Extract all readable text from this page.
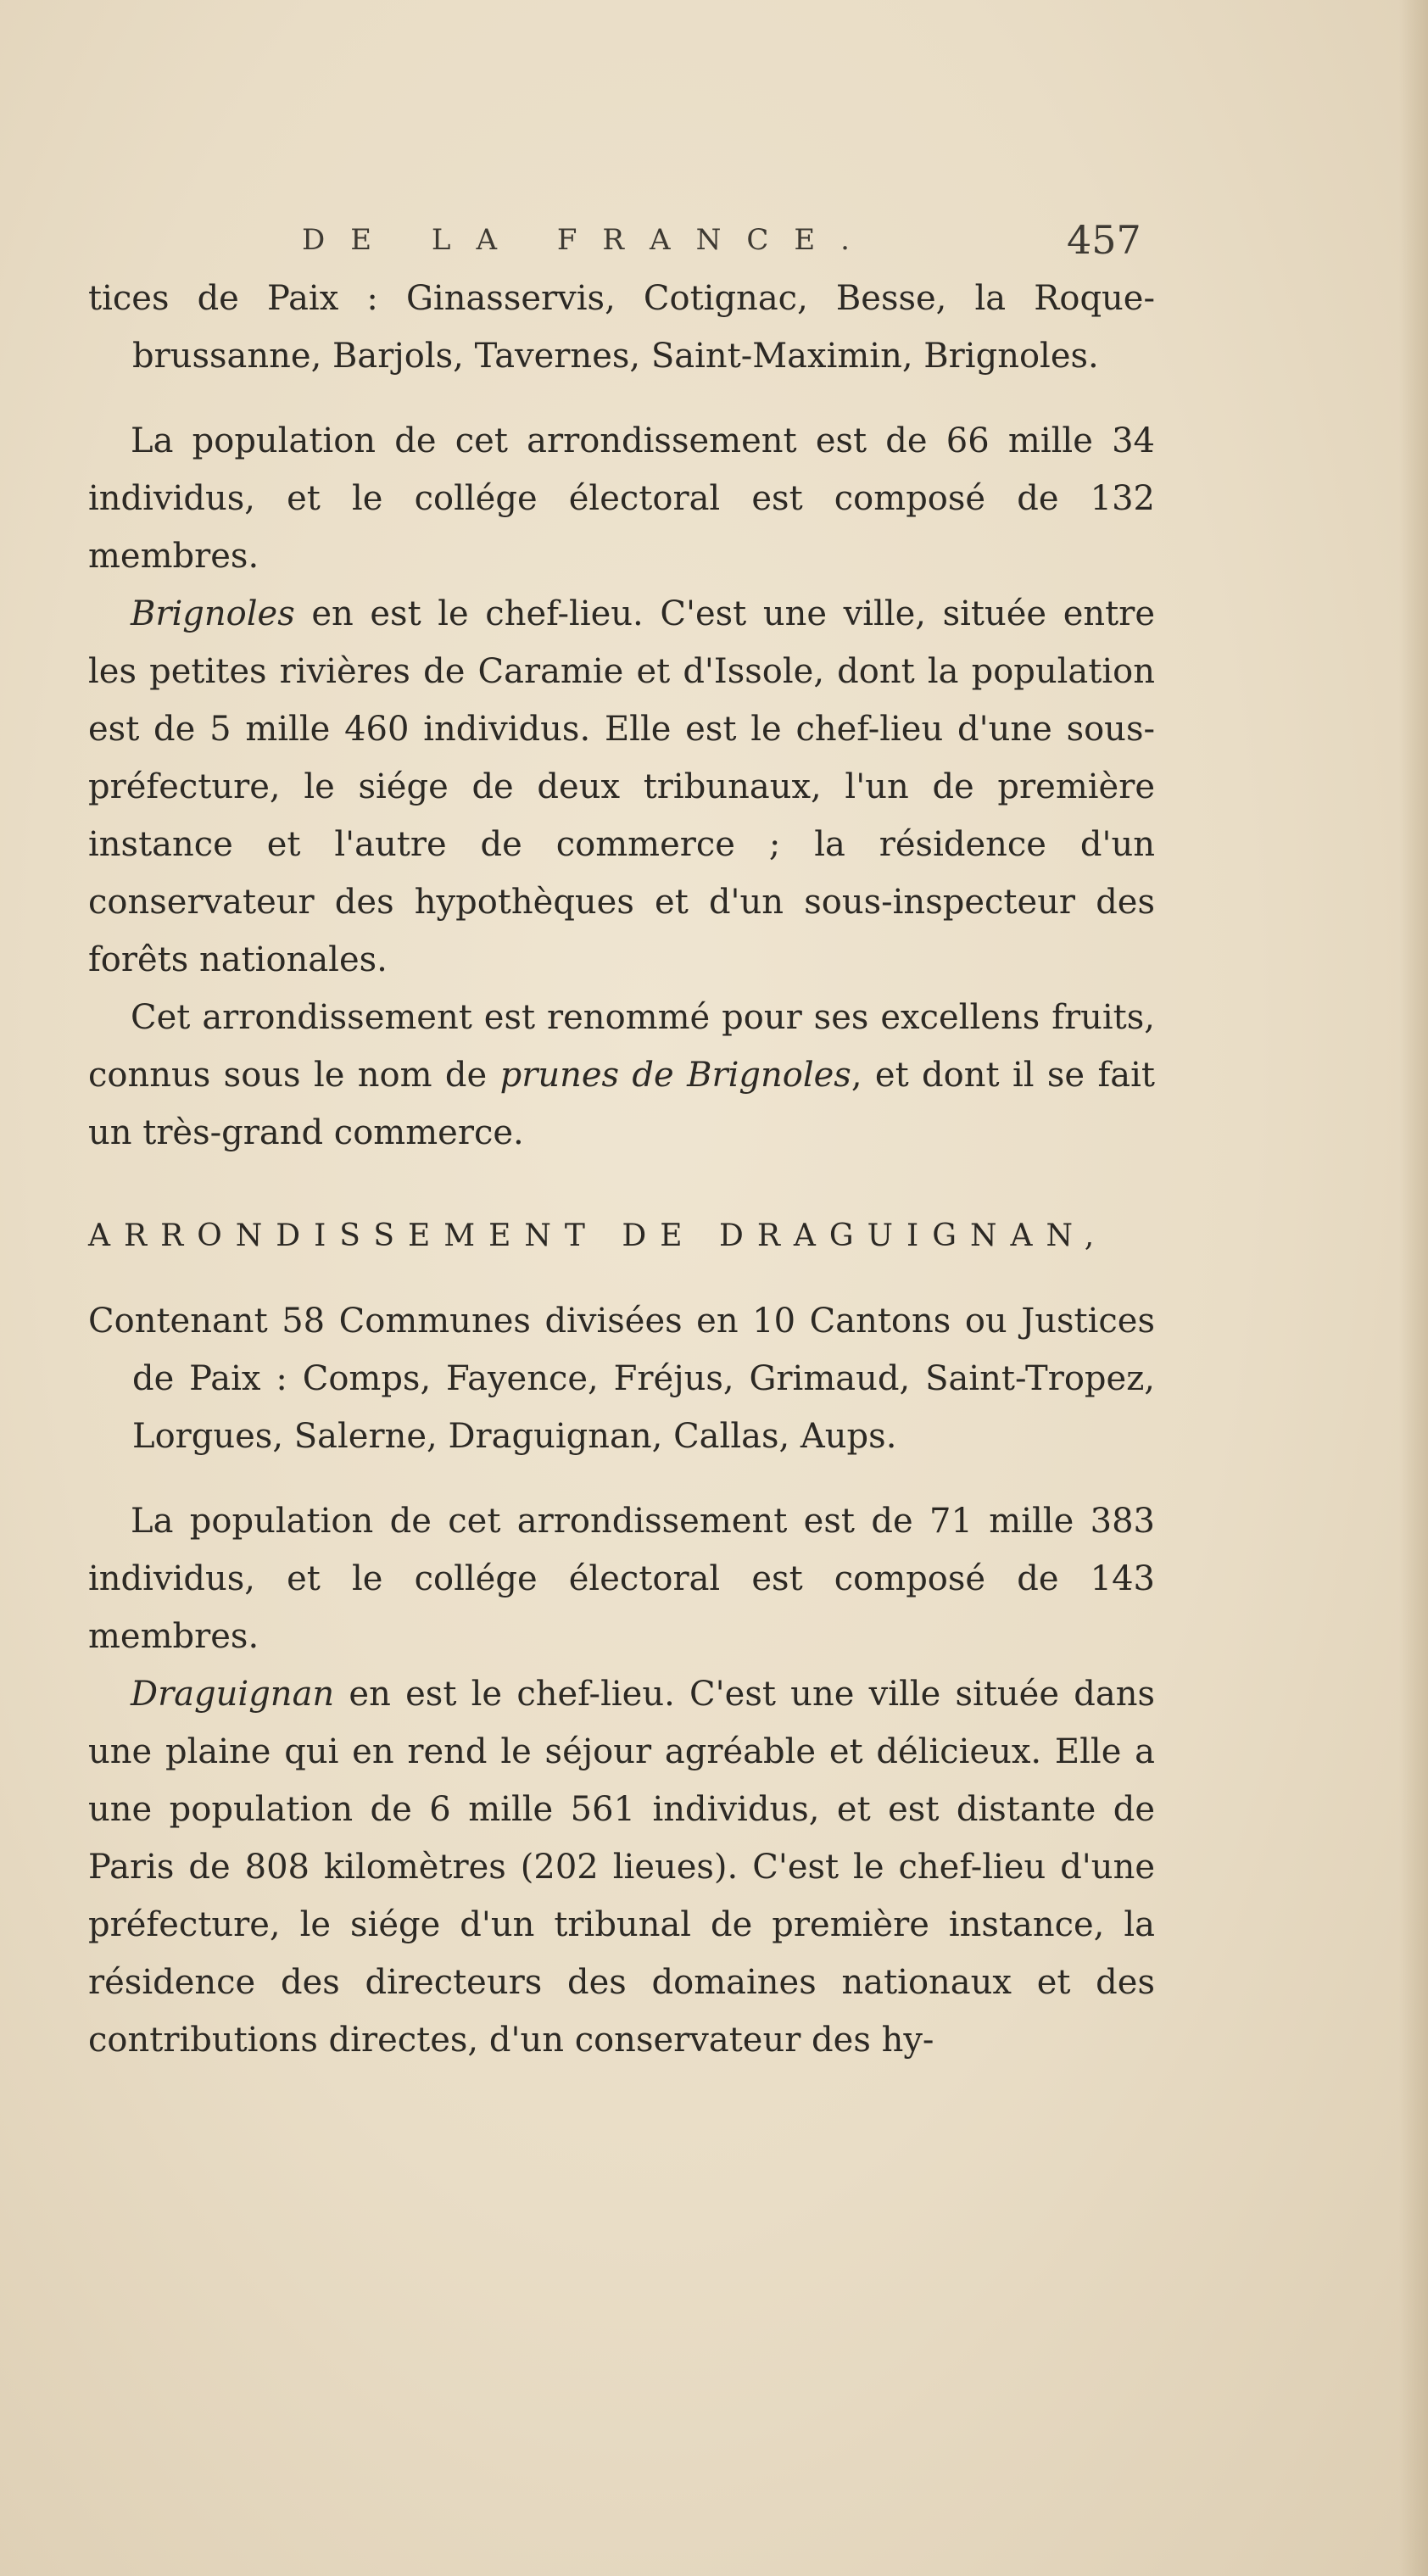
DE LA FRANCE.	457

tices de Paix : Ginasservis, Cotignac, Besse, la Roque-brussanne, Barjols, Tavernes, Saint-Maximin, Brignoles.

La population de cet arrondissement est de 66 mille 34 individus, et le collége électoral est composé de 132 membres.

Brignoles en est le chef-lieu. C'est une ville, située entre les petites rivières de Caramie et d'Issole, dont la population est de 5 mille 460 individus. Elle est le chef-lieu d'une sous-préfecture, le siége de deux tribunaux, l'un de première instance et l'autre de commerce ; la résidence d'un conservateur des hypothèques et d'un sous-inspecteur des forêts nationales.

Cet arrondissement est renommé pour ses excellens fruits, connus sous le nom de prunes de Brignoles, et dont il se fait un très-grand commerce.

ARRONDISSEMENT DE DRAGUIGNAN,

Contenant 58 Communes divisées en 10 Cantons ou Justices de Paix : Comps, Fayence, Fréjus, Grimaud, Saint-Tropez, Lorgues, Salerne, Draguignan, Callas, Aups.

La population de cet arrondissement est de 71 mille 383 individus, et le collége électoral est composé de 143 membres.

Draguignan en est le chef-lieu. C'est une ville située dans une plaine qui en rend le séjour agréable et délicieux. Elle a une population de 6 mille 561 individus, et est distante de Paris de 808 kilomètres (202 lieues). C'est le chef-lieu d'une préfecture, le siége d'un tribunal de première instance, la résidence des directeurs des domaines nationaux et des contributions directes, d'un conservateur des hy-
